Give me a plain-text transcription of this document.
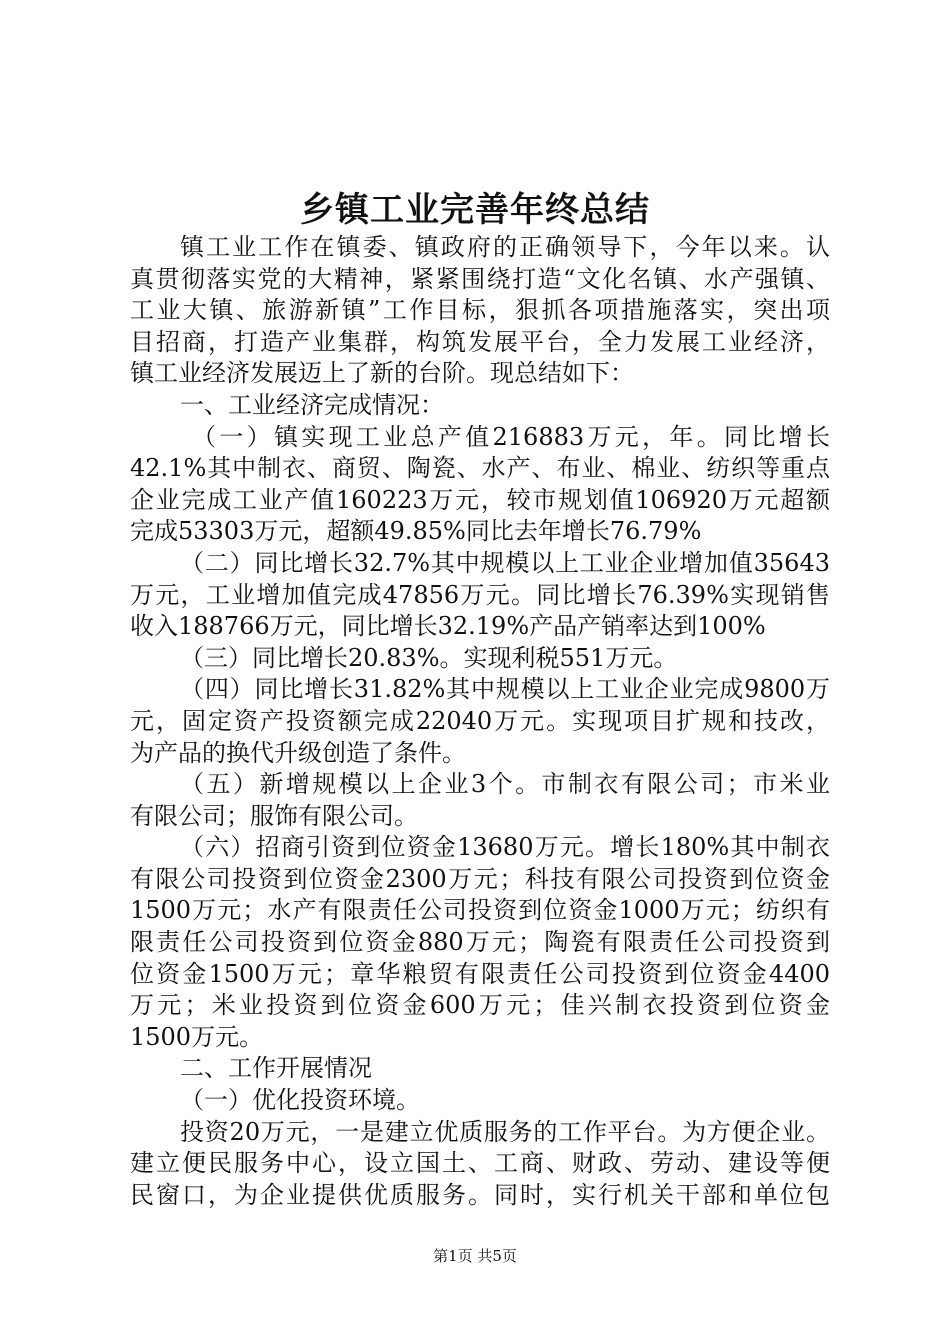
乡镇工业完善年终总结
镇工业工作在镇委、镇政府的正确领导下，今年以来。认
真贯彻落实党的大精神，紧紧围绕打造“文化名镇、水产强镇、
工业大镇、旅游新镇”工作目标，狠抓各项措施落实，突出项
目招商，打造产业集群，构筑发展平台，全力发展工业经济，
镇工业经济发展迈上了新的台阶。现总结如下：
一、工业经济完成情况：
（一）镇实现工业总产值216883万元，年。同比增长
42.1%其中制衣、商贸、陶瓷、水产、布业、棉业、纺织等重点
企业完成工业产值160223万元，较市规划值106920万元超额
完成53303万元，超额49.85%同比去年增长76.79%
（二）同比增长32.7%其中规模以上工业企业增加值35643
万元，工业增加值完成47856万元。同比增长76.39%实现销售
收入188766万元，同比增长32.19%产品产销率达到100%
（三）同比增长20.83%。实现利税551万元。
（四）同比增长31.82%其中规模以上工业企业完成9800万
元，固定资产投资额完成22040万元。实现项目扩规和技改，
为产品的换代升级创造了条件。
（五）新增规模以上企业3个。市制衣有限公司；市米业
有限公司；服饰有限公司。
（六）招商引资到位资金13680万元。增长180%其中制衣
有限公司投资到位资金2300万元；科技有限公司投资到位资金
1500万元；水产有限责任公司投资到位资金1000万元；纺织有
限责任公司投资到位资金880万元；陶瓷有限责任公司投资到
位资金1500万元；章华粮贸有限责任公司投资到位资金4400
万元；米业投资到位资金600万元；佳兴制衣投资到位资金
1500万元。
二、工作开展情况
（一）优化投资环境。
投资20万元，一是建立优质服务的工作平台。为方便企业。
建立便民服务中心，设立国土、工商、财政、劳动、建设等便
民窗口，为企业提供优质服务。同时，实行机关干部和单位包
第1页 共5页
